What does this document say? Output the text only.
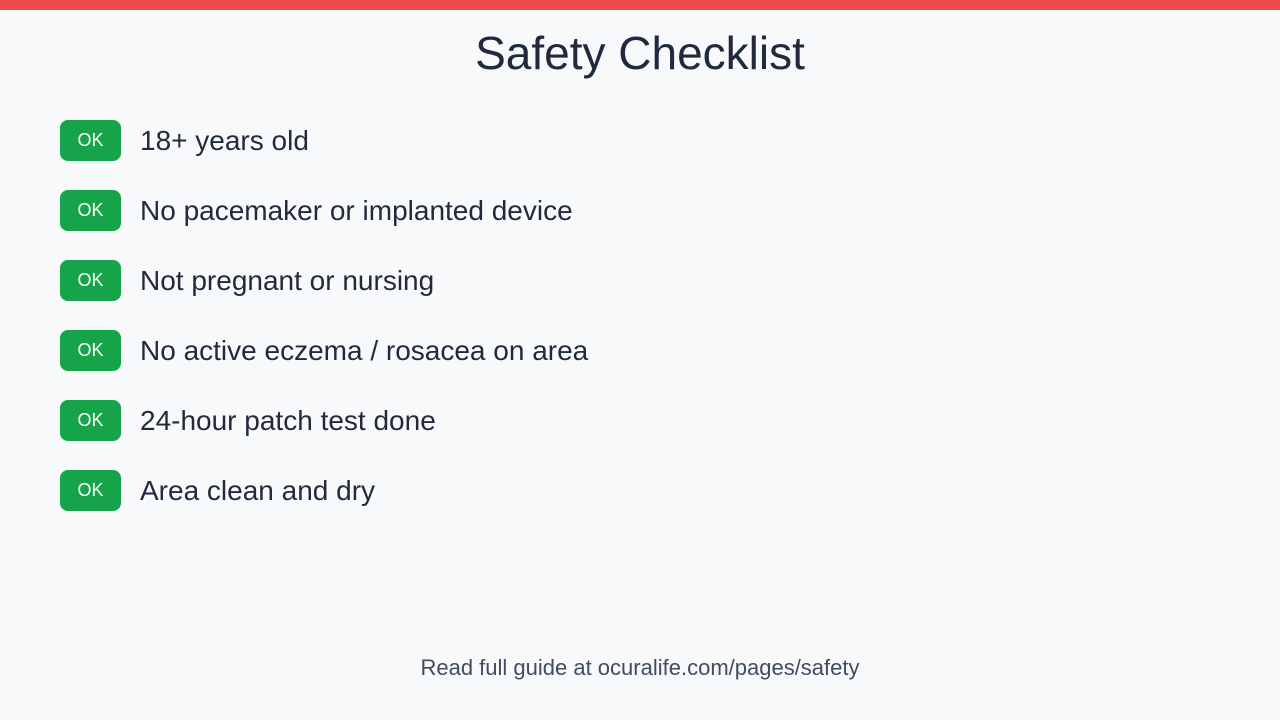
Safety Checklist
OK	18+ years old
OK	No pacemaker or implanted device
OK	Not pregnant or nursing
OK	No active eczema / rosacea on area
OK	24-hour patch test done
OK	Area clean and dry
Read full guide at ocuralife.com/pages/safety
